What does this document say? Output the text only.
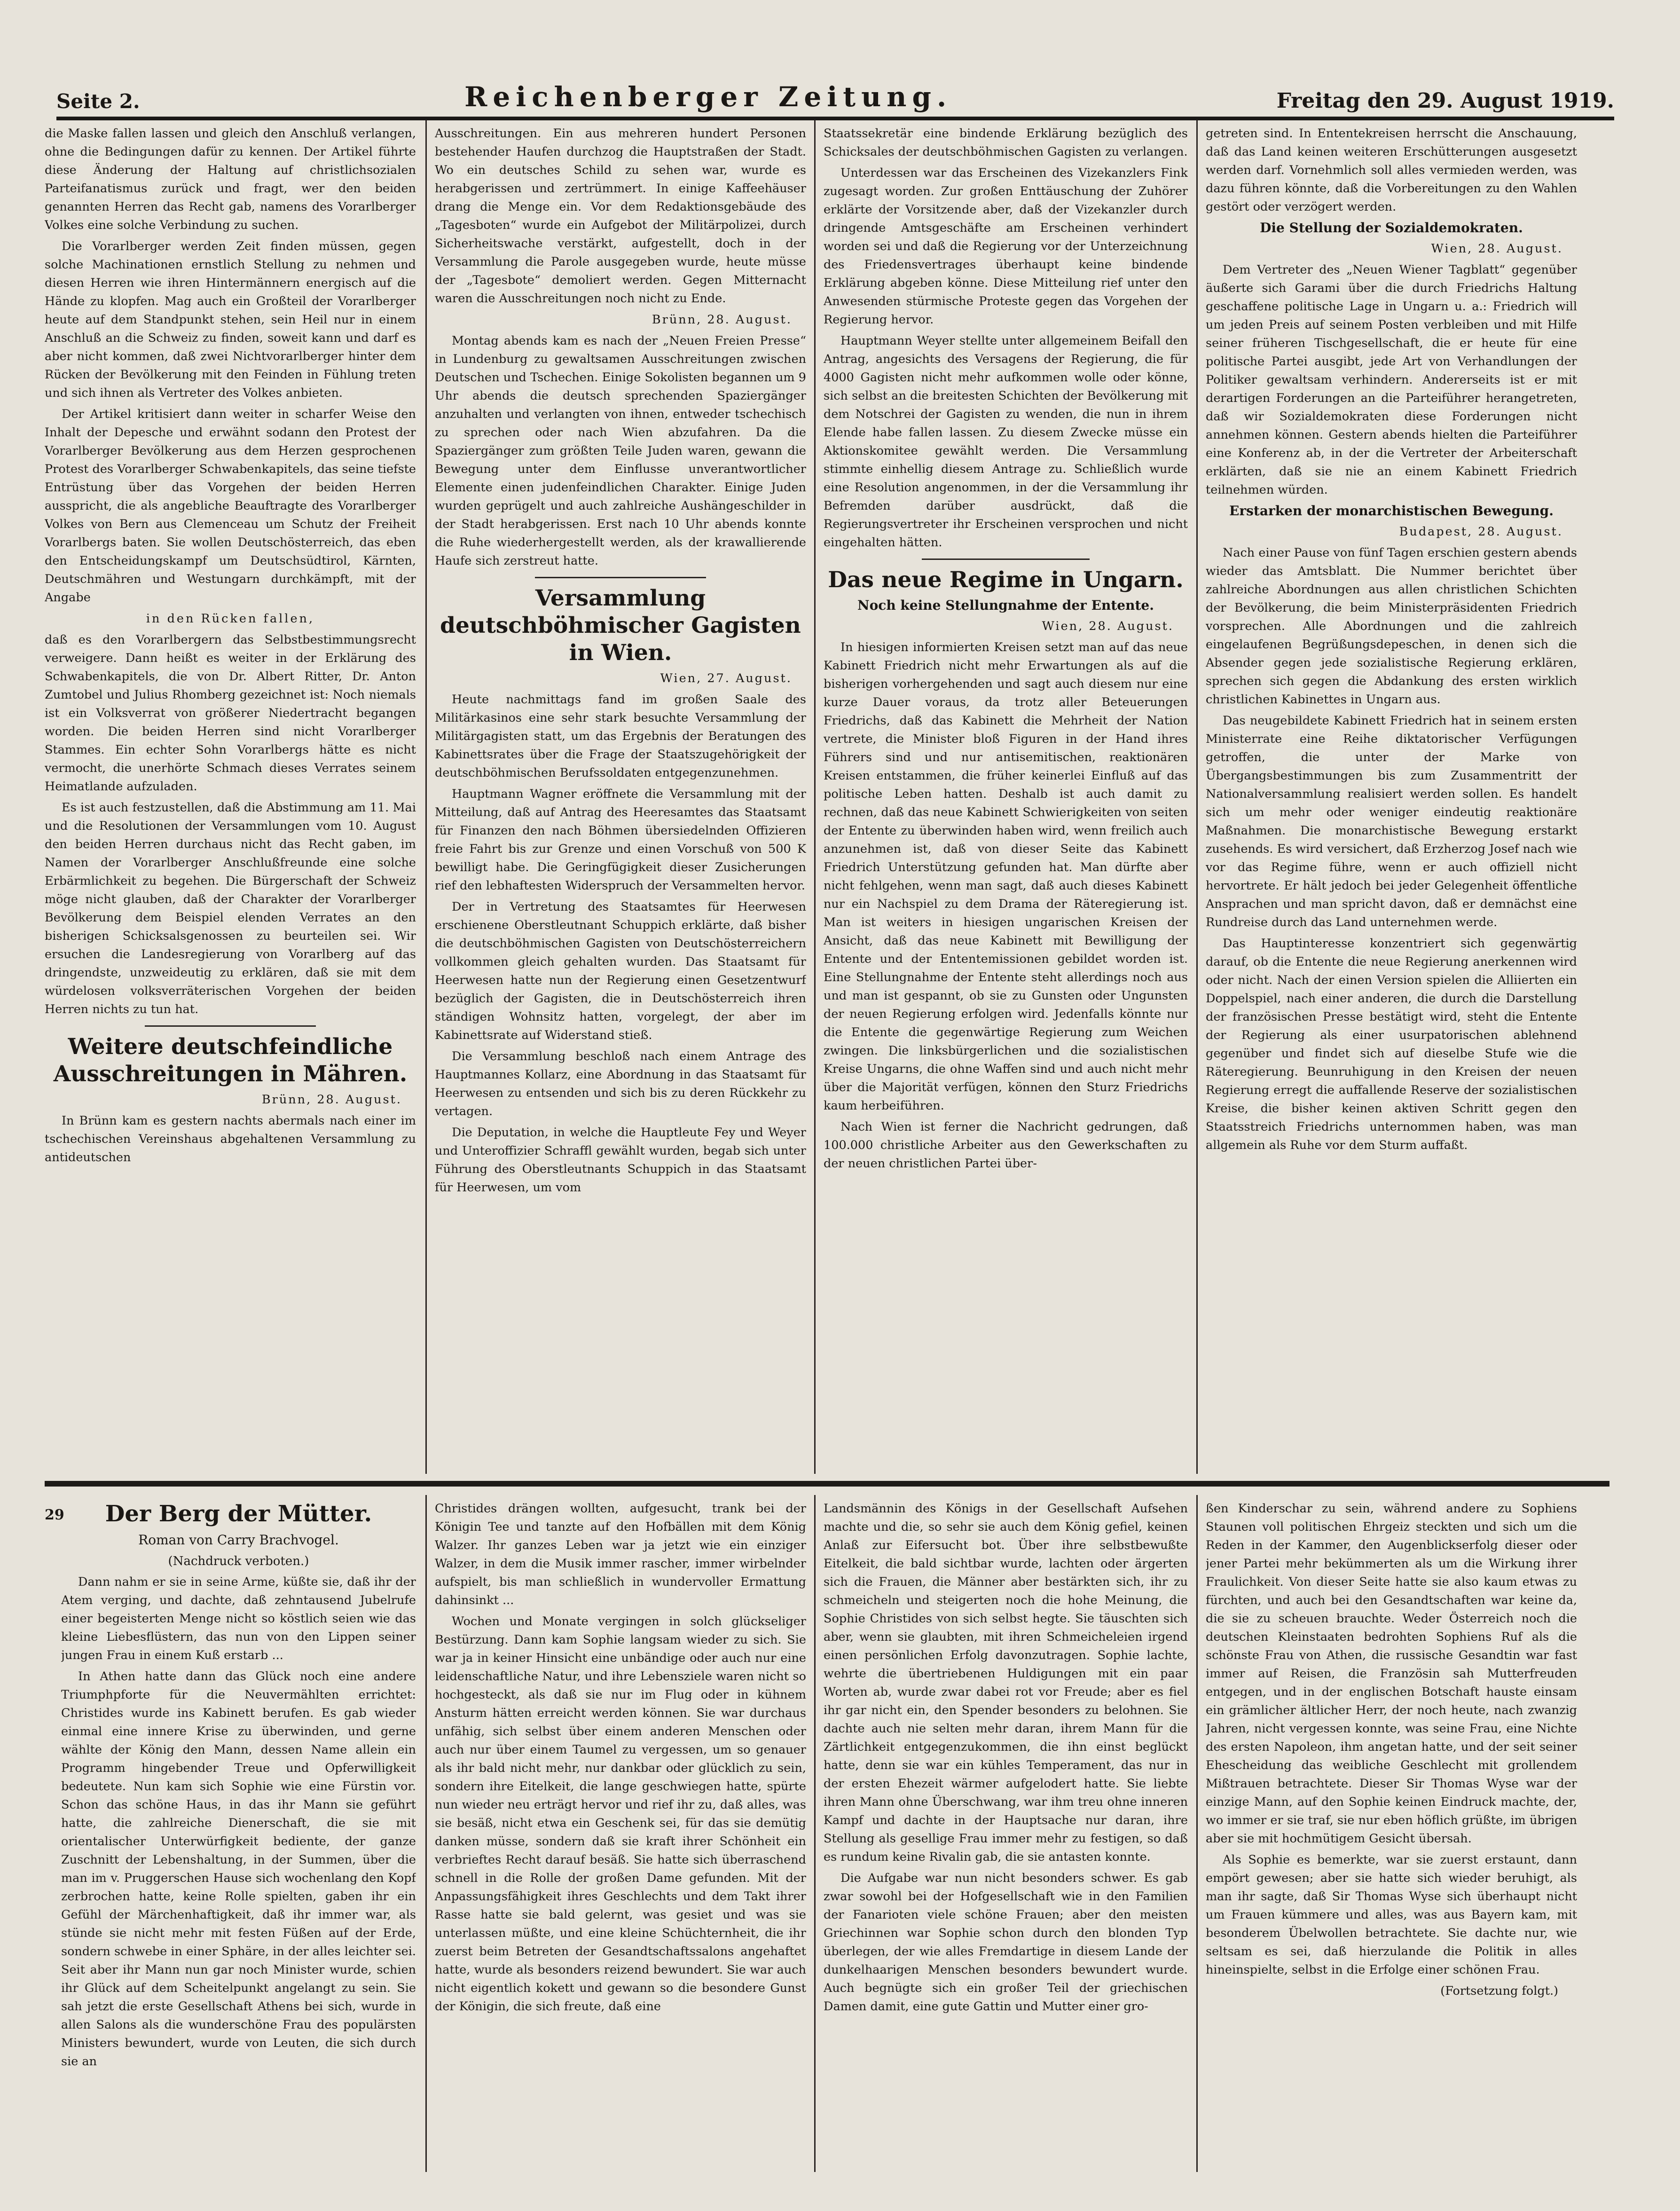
Seite 2.	Reichenberger Zeitung.	Freitag den 29. August 1919.

die Maske fallen lassen und gleich den Anschluß verlangen, ohne die Bedingungen dafür zu kennen. Der Artikel führte diese Änderung der Haltung auf christlichsozialen Parteifanatismus zurück und fragt, wer den beiden genannten Herren das Recht gab, namens des Vorarlberger Volkes eine solche Verbindung zu suchen.

Die Vorarlberger werden Zeit finden müssen, gegen solche Machinationen ernstlich Stellung zu nehmen und diesen Herren wie ihren Hintermännern energisch auf die Hände zu klopfen. Mag auch ein Großteil der Vorarlberger heute auf dem Standpunkt stehen, sein Heil nur in einem Anschluß an die Schweiz zu finden, soweit kann und darf es aber nicht kommen, daß zwei Nichtvorarlberger hinter dem Rücken der Bevölkerung mit den Feinden in Fühlung treten und sich ihnen als Vertreter des Volkes anbieten.

Der Artikel kritisiert dann weiter in scharfer Weise den Inhalt der Depesche und erwähnt sodann den Protest der Vorarlberger Bevölkerung aus dem Herzen gesprochenen Protest des Vorarlberger Schwabenkapitels, das seine tiefste Entrüstung über das Vorgehen der beiden Herren ausspricht, die als angebliche Beauftragte des Vorarlberger Volkes von Bern aus Clemenceau um Schutz der Freiheit Vorarlbergs baten. Sie wollen Deutschösterreich, das eben den Entscheidungskampf um Deutschsüdtirol, Kärnten, Deutschmähren und Westungarn durchkämpft, mit der Angabe

in den Rücken fallen,

daß es den Vorarlbergern das Selbstbestimmungsrecht verweigere. Dann heißt es weiter in der Erklärung des Schwabenkapitels, die von Dr. Albert Ritter, Dr. Anton Zumtobel und Julius Rhomberg gezeichnet ist: Noch niemals ist ein Volksverrat von größerer Niedertracht begangen worden. Die beiden Herren sind nicht Vorarlberger Stammes. Ein echter Sohn Vorarlbergs hätte es nicht vermocht, die unerhörte Schmach dieses Verrates seinem Heimatlande aufzuladen.

Es ist auch festzustellen, daß die Abstimmung am 11. Mai und die Resolutionen der Versammlungen vom 10. August den beiden Herren durchaus nicht das Recht gaben, im Namen der Vorarlberger Anschlußfreunde eine solche Erbärmlichkeit zu begehen. Die Bürgerschaft der Schweiz möge nicht glauben, daß der Charakter der Vorarlberger Bevölkerung dem Beispiel elenden Verrates an den bisherigen Schicksalsgenossen zu beurteilen sei. Wir ersuchen die Landesregierung von Vorarlberg auf das dringendste, unzweideutig zu erklären, daß sie mit dem würdelosen volksverräterischen Vorgehen der beiden Herren nichts zu tun hat.

Weitere deutschfeindliche Ausschreitungen in Mähren.

Brünn, 28. August.

In Brünn kam es gestern nachts abermals nach einer im tschechischen Vereinshaus abgehaltenen Versammlung zu antideutschen

Ausschreitungen. Ein aus mehreren hundert Personen bestehender Haufen durchzog die Hauptstraßen der Stadt. Wo ein deutsches Schild zu sehen war, wurde es herabgerissen und zertrümmert. In einige Kaffeehäuser drang die Menge ein. Vor dem Redaktionsgebäude des „Tagesboten“ wurde ein Aufgebot der Militärpolizei, durch Sicherheitswache verstärkt, aufgestellt, doch in der Versammlung die Parole ausgegeben wurde, heute müsse der „Tagesbote“ demoliert werden. Gegen Mitternacht waren die Ausschreitungen noch nicht zu Ende.

Brünn, 28. August.

Montag abends kam es nach der „Neuen Freien Presse“ in Lundenburg zu gewaltsamen Ausschreitungen zwischen Deutschen und Tschechen. Einige Sokolisten begannen um 9 Uhr abends die deutsch sprechenden Spaziergänger anzuhalten und verlangten von ihnen, entweder tschechisch zu sprechen oder nach Wien abzufahren. Da die Spaziergänger zum größten Teile Juden waren, gewann die Bewegung unter dem Einflusse unverantwortlicher Elemente einen judenfeindlichen Charakter. Einige Juden wurden geprügelt und auch zahlreiche Aushängeschilder in der Stadt herabgerissen. Erst nach 10 Uhr abends konnte die Ruhe wiederhergestellt werden, als der krawallierende Haufe sich zerstreut hatte.

Versammlung deutschböhmischer Gagisten in Wien.

Wien, 27. August.

Heute nachmittags fand im großen Saale des Militärkasinos eine sehr stark besuchte Versammlung der Militärgagisten statt, um das Ergebnis der Beratungen des Kabinettsrates über die Frage der Staatszugehörigkeit der deutschböhmischen Berufssoldaten entgegenzunehmen.

Hauptmann Wagner eröffnete die Versammlung mit der Mitteilung, daß auf Antrag des Heeresamtes das Staatsamt für Finanzen den nach Böhmen übersiedelnden Offizieren freie Fahrt bis zur Grenze und einen Vorschuß von 500 K bewilligt habe. Die Geringfügigkeit dieser Zusicherungen rief den lebhaftesten Widerspruch der Versammelten hervor.

Der in Vertretung des Staatsamtes für Heerwesen erschienene Oberstleutnant Schuppich erklärte, daß bisher die deutschböhmischen Gagisten von Deutschösterreichern vollkommen gleich gehalten wurden. Das Staatsamt für Heerwesen hatte nun der Regierung einen Gesetzentwurf bezüglich der Gagisten, die in Deutschösterreich ihren ständigen Wohnsitz hatten, vorgelegt, der aber im Kabinettsrate auf Widerstand stieß.

Die Versammlung beschloß nach einem Antrage des Hauptmannes Kollarz, eine Abordnung in das Staatsamt für Heerwesen zu entsenden und sich bis zu deren Rückkehr zu vertagen.

Die Deputation, in welche die Hauptleute Fey und Weyer und Unteroffizier Schraffl gewählt wurden, begab sich unter Führung des Oberstleutnants Schuppich in das Staatsamt für Heerwesen, um vom

Staatssekretär eine bindende Erklärung bezüglich des Schicksales der deutschböhmischen Gagisten zu verlangen.

Unterdessen war das Erscheinen des Vizekanzlers Fink zugesagt worden. Zur großen Enttäuschung der Zuhörer erklärte der Vorsitzende aber, daß der Vizekanzler durch dringende Amtsgeschäfte am Erscheinen verhindert worden sei und daß die Regierung vor der Unterzeichnung des Friedensvertrages überhaupt keine bindende Erklärung abgeben könne. Diese Mitteilung rief unter den Anwesenden stürmische Proteste gegen das Vorgehen der Regierung hervor.

Hauptmann Weyer stellte unter allgemeinem Beifall den Antrag, angesichts des Versagens der Regierung, die für 4000 Gagisten nicht mehr aufkommen wolle oder könne, sich selbst an die breitesten Schichten der Bevölkerung mit dem Notschrei der Gagisten zu wenden, die nun in ihrem Elende habe fallen lassen. Zu diesem Zwecke müsse ein Aktionskomitee gewählt werden. Die Versammlung stimmte einhellig diesem Antrage zu. Schließlich wurde eine Resolution angenommen, in der die Versammlung ihr Befremden darüber ausdrückt, daß die Regierungsvertreter ihr Erscheinen versprochen und nicht eingehalten hätten.

Das neue Regime in Ungarn.

Noch keine Stellungnahme der Entente.

Wien, 28. August.

In hiesigen informierten Kreisen setzt man auf das neue Kabinett Friedrich nicht mehr Erwartungen als auf die bisherigen vorhergehenden und sagt auch diesem nur eine kurze Dauer voraus, da trotz aller Beteuerungen Friedrichs, daß das Kabinett die Mehrheit der Nation vertrete, die Minister bloß Figuren in der Hand ihres Führers sind und nur antisemitischen, reaktionären Kreisen entstammen, die früher keinerlei Einfluß auf das politische Leben hatten. Deshalb ist auch damit zu rechnen, daß das neue Kabinett Schwierigkeiten von seiten der Entente zu überwinden haben wird, wenn freilich auch anzunehmen ist, daß von dieser Seite das Kabinett Friedrich Unterstützung gefunden hat. Man dürfte aber nicht fehlgehen, wenn man sagt, daß auch dieses Kabinett nur ein Nachspiel zu dem Drama der Räteregierung ist. Man ist weiters in hiesigen ungarischen Kreisen der Ansicht, daß das neue Kabinett mit Bewilligung der Entente und der Ententemissionen gebildet worden ist. Eine Stellungnahme der Entente steht allerdings noch aus und man ist gespannt, ob sie zu Gunsten oder Ungunsten der neuen Regierung erfolgen wird. Jedenfalls könnte nur die Entente die gegenwärtige Regierung zum Weichen zwingen. Die linksbürgerlichen und die sozialistischen Kreise Ungarns, die ohne Waffen sind und auch nicht mehr über die Majorität verfügen, können den Sturz Friedrichs kaum herbeiführen.

Nach Wien ist ferner die Nachricht gedrungen, daß 100.000 christliche Arbeiter aus den Gewerkschaften zu der neuen christlichen Partei über-

getreten sind. In Ententekreisen herrscht die Anschauung, daß das Land keinen weiteren Erschütterungen ausgesetzt werden darf. Vornehmlich soll alles vermieden werden, was dazu führen könnte, daß die Vorbereitungen zu den Wahlen gestört oder verzögert werden.

Die Stellung der Sozialdemokraten.

Wien, 28. August.

Dem Vertreter des „Neuen Wiener Tagblatt“ gegenüber äußerte sich Garami über die durch Friedrichs Haltung geschaffene politische Lage in Ungarn u. a.: Friedrich will um jeden Preis auf seinem Posten verbleiben und mit Hilfe seiner früheren Tischgesellschaft, die er heute für eine politische Partei ausgibt, jede Art von Verhandlungen der Politiker gewaltsam verhindern. Andererseits ist er mit derartigen Forderungen an die Parteiführer herangetreten, daß wir Sozialdemokraten diese Forderungen nicht annehmen können. Gestern abends hielten die Parteiführer eine Konferenz ab, in der die Vertreter der Arbeiterschaft erklärten, daß sie nie an einem Kabinett Friedrich teilnehmen würden.

Erstarken der monarchistischen Bewegung.

Budapest, 28. August.

Nach einer Pause von fünf Tagen erschien gestern abends wieder das Amtsblatt. Die Nummer berichtet über zahlreiche Abordnungen aus allen christlichen Schichten der Bevölkerung, die beim Ministerpräsidenten Friedrich vorsprechen. Alle Abordnungen und die zahlreich eingelaufenen Begrüßungsdepeschen, in denen sich die Absender gegen jede sozialistische Regierung erklären, sprechen sich gegen die Abdankung des ersten wirklich christlichen Kabinettes in Ungarn aus.

Das neugebildete Kabinett Friedrich hat in seinem ersten Ministerrate eine Reihe diktatorischer Verfügungen getroffen, die unter der Marke von Übergangsbestimmungen bis zum Zusammentritt der Nationalversammlung realisiert werden sollen. Es handelt sich um mehr oder weniger eindeutig reaktionäre Maßnahmen. Die monarchistische Bewegung erstarkt zusehends. Es wird versichert, daß Erzherzog Josef nach wie vor das Regime führe, wenn er auch offiziell nicht hervortrete. Er hält jedoch bei jeder Gelegenheit öffentliche Ansprachen und man spricht davon, daß er demnächst eine Rundreise durch das Land unternehmen werde.

Das Hauptinteresse konzentriert sich gegenwärtig darauf, ob die Entente die neue Regierung anerkennen wird oder nicht. Nach der einen Version spielen die Alliierten ein Doppelspiel, nach einer anderen, die durch die Darstellung der französischen Presse bestätigt wird, steht die Entente der Regierung als einer usurpatorischen ablehnend gegenüber und findet sich auf dieselbe Stufe wie die Räteregierung. Beunruhigung in den Kreisen der neuen Regierung erregt die auffallende Reserve der sozialistischen Kreise, die bisher keinen aktiven Schritt gegen den Staatsstreich Friedrichs unternommen haben, was man allgemein als Ruhe vor dem Sturm auffaßt.

29	Der Berg der Mütter.

Roman von Carry Brachvogel.

(Nachdruck verboten.)

Dann nahm er sie in seine Arme, küßte sie, daß ihr der Atem verging, und dachte, daß zehntausend Jubelrufe einer begeisterten Menge nicht so köstlich seien wie das kleine Liebesflüstern, das nun von den Lippen seiner jungen Frau in einem Kuß erstarb ...

In Athen hatte dann das Glück noch eine andere Triumphpforte für die Neuvermählten errichtet: Christides wurde ins Kabinett berufen. Es gab wieder einmal eine innere Krise zu überwinden, und gerne wählte der König den Mann, dessen Name allein ein Programm hingebender Treue und Opferwilligkeit bedeutete. Nun kam sich Sophie wie eine Fürstin vor. Schon das schöne Haus, in das ihr Mann sie geführt hatte, die zahlreiche Dienerschaft, die sie mit orientalischer Unterwürfigkeit bediente, der ganze Zuschnitt der Lebenshaltung, in der Summen, über die man im v. Pruggerschen Hause sich wochenlang den Kopf zerbrochen hatte, keine Rolle spielten, gaben ihr ein Gefühl der Märchenhaftigkeit, daß ihr immer war, als stünde sie nicht mehr mit festen Füßen auf der Erde, sondern schwebe in einer Sphäre, in der alles leichter sei. Seit aber ihr Mann nun gar noch Minister wurde, schien ihr Glück auf dem Scheitelpunkt angelangt zu sein. Sie sah jetzt die erste Gesellschaft Athens bei sich, wurde in allen Salons als die wunderschöne Frau des populärsten Ministers bewundert, wurde von Leuten, die sich durch sie an

Christides drängen wollten, aufgesucht, trank bei der Königin Tee und tanzte auf den Hofbällen mit dem König Walzer. Ihr ganzes Leben war ja jetzt wie ein einziger Walzer, in dem die Musik immer rascher, immer wirbelnder aufspielt, bis man schließlich in wundervoller Ermattung dahinsinkt ...

Wochen und Monate vergingen in solch glückseliger Bestürzung. Dann kam Sophie langsam wieder zu sich. Sie war ja in keiner Hinsicht eine unbändige oder auch nur eine leidenschaftliche Natur, und ihre Lebensziele waren nicht so hochgesteckt, als daß sie nur im Flug oder in kühnem Ansturm hätten erreicht werden können. Sie war durchaus unfähig, sich selbst über einem anderen Menschen oder auch nur über einem Taumel zu vergessen, um so genauer als ihr bald nicht mehr, nur dankbar oder glücklich zu sein, sondern ihre Eitelkeit, die lange geschwiegen hatte, spürte nun wieder neu erträgt hervor und rief ihr zu, daß alles, was sie besäß, nicht etwa ein Geschenk sei, für das sie demütig danken müsse, sondern daß sie kraft ihrer Schönheit ein verbrieftes Recht darauf besäß. Sie hatte sich überraschend schnell in die Rolle der großen Dame gefunden. Mit der Anpassungsfähigkeit ihres Geschlechts und dem Takt ihrer Rasse hatte sie bald gelernt, was gesiet und was sie unterlassen müßte, und eine kleine Schüchternheit, die ihr zuerst beim Betreten der Gesandtschaftssalons angehaftet hatte, wurde als besonders reizend bewundert. Sie war auch nicht eigentlich kokett und gewann so die besondere Gunst der Königin, die sich freute, daß eine

Landsmännin des Königs in der Gesellschaft Aufsehen machte und die, so sehr sie auch dem König gefiel, keinen Anlaß zur Eifersucht bot. Über ihre selbstbewußte Eitelkeit, die bald sichtbar wurde, lachten oder ärgerten sich die Frauen, die Männer aber bestärkten sich, ihr zu schmeicheln und steigerten noch die hohe Meinung, die Sophie Christides von sich selbst hegte. Sie täuschten sich aber, wenn sie glaubten, mit ihren Schmeicheleien irgend einen persönlichen Erfolg davonzutragen. Sophie lachte, wehrte die übertriebenen Huldigungen mit ein paar Worten ab, wurde zwar dabei rot vor Freude; aber es fiel ihr gar nicht ein, den Spender besonders zu belohnen. Sie dachte auch nie selten mehr daran, ihrem Mann für die Zärtlichkeit entgegenzukommen, die ihn einst beglückt hatte, denn sie war ein kühles Temperament, das nur in der ersten Ehezeit wärmer aufgelodert hatte. Sie liebte ihren Mann ohne Überschwang, war ihm treu ohne inneren Kampf und dachte in der Hauptsache nur daran, ihre Stellung als gesellige Frau immer mehr zu festigen, so daß es rundum keine Rivalin gab, die sie antasten konnte.

Die Aufgabe war nun nicht besonders schwer. Es gab zwar sowohl bei der Hofgesellschaft wie in den Familien der Fanarioten viele schöne Frauen; aber den meisten Griechinnen war Sophie schon durch den blonden Typ überlegen, der wie alles Fremdartige in diesem Lande der dunkelhaarigen Menschen besonders bewundert wurde. Auch begnügte sich ein großer Teil der griechischen Damen damit, eine gute Gattin und Mutter einer gro-

ßen Kinderschar zu sein, während andere zu Sophiens Staunen voll politischen Ehrgeiz steckten und sich um die Reden in der Kammer, den Augenblickserfolg dieser oder jener Partei mehr bekümmerten als um die Wirkung ihrer Fraulichkeit. Von dieser Seite hatte sie also kaum etwas zu fürchten, und auch bei den Gesandtschaften war keine da, die sie zu scheuen brauchte. Weder Österreich noch die deutschen Kleinstaaten bedrohten Sophiens Ruf als die schönste Frau von Athen, die russische Gesandtin war fast immer auf Reisen, die Französin sah Mutterfreuden entgegen, und in der englischen Botschaft hauste einsam ein grämlicher ältlicher Herr, der noch heute, nach zwanzig Jahren, nicht vergessen konnte, was seine Frau, eine Nichte des ersten Napoleon, ihm angetan hatte, und der seit seiner Ehescheidung das weibliche Geschlecht mit grollendem Mißtrauen betrachtete. Dieser Sir Thomas Wyse war der einzige Mann, auf den Sophie keinen Eindruck machte, der, wo immer er sie traf, sie nur eben höflich grüßte, im übrigen aber sie mit hochmütigem Gesicht übersah.

Als Sophie es bemerkte, war sie zuerst erstaunt, dann empört gewesen; aber sie hatte sich wieder beruhigt, als man ihr sagte, daß Sir Thomas Wyse sich überhaupt nicht um Frauen kümmere und alles, was aus Bayern kam, mit besonderem Übelwollen betrachtete. Sie dachte nur, wie seltsam es sei, daß hierzulande die Politik in alles hineinspielte, selbst in die Erfolge einer schönen Frau.

(Fortsetzung folgt.)
